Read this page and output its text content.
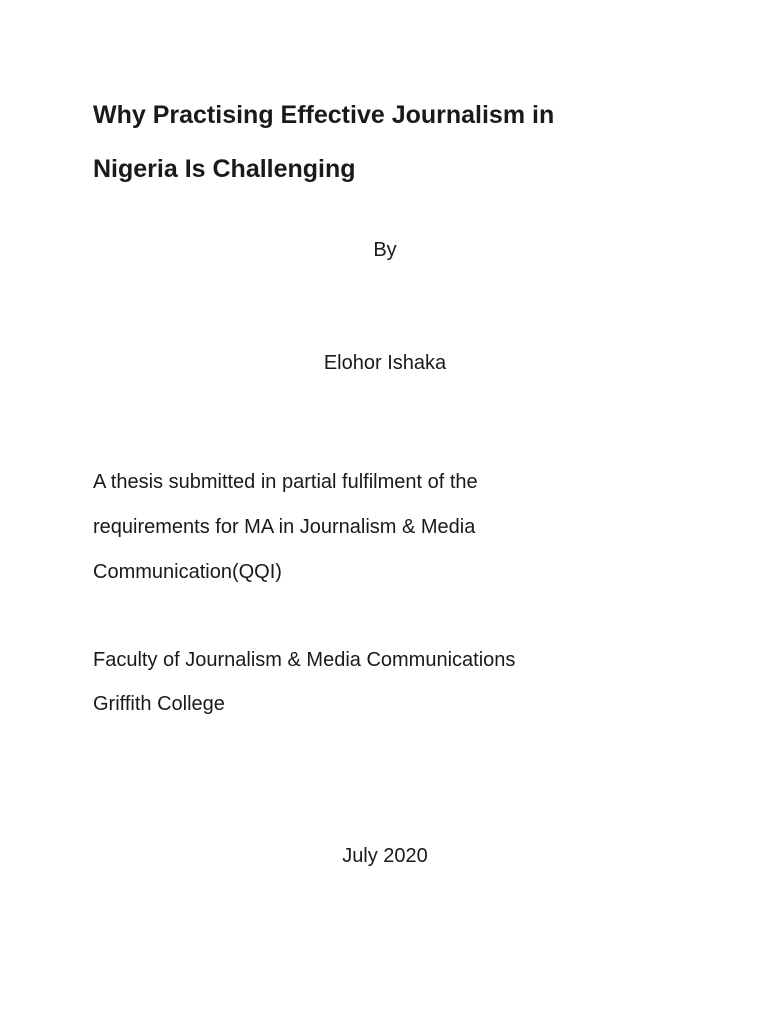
Why Practising Effective Journalism in
Nigeria Is Challenging
By
Elohor Ishaka
A thesis submitted in partial fulfilment of the
requirements for MA in Journalism & Media
Communication(QQI)
Faculty of Journalism & Media Communications
Griffith College
July 2020
